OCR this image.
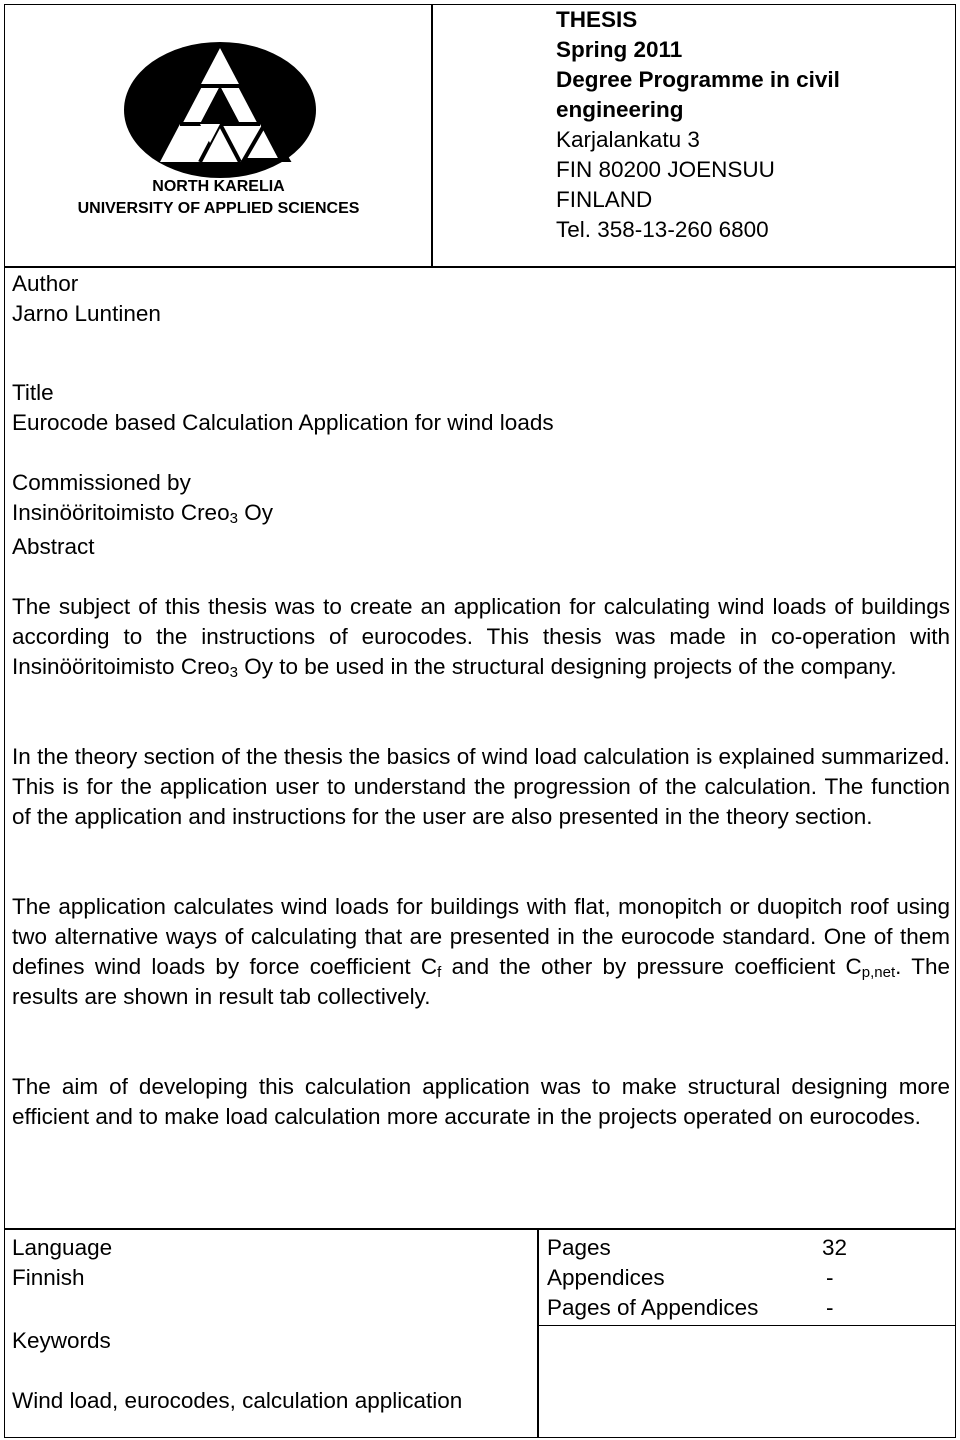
NORTH KARELIA
UNIVERSITY OF APPLIED SCIENCES
THESIS
Spring 2011
Degree Programme in civil
engineering
Karjalankatu 3
FIN 80200 JOENSUU
FINLAND
Tel. 358-13-260 6800
Author
Jarno Luntinen
Title
Eurocode based Calculation Application for wind loads
Commissioned by
Insinööritoimisto Creo$_3$ Oy
Abstract
The subject of this thesis was to create an application for calculating wind loads of buildings according to the instructions of eurocodes. This thesis was made in co-operation with Insinööritoimisto Creo$_3$ Oy to be used in the structural designing projects of the company.
In the theory section of the thesis the basics of wind load calculation is explained summarized. This is for the application user to understand the progression of the calculation. The function of the application and instructions for the user are also presented in the theory section.
The application calculates wind loads for buildings with flat, monopitch or duopitch roof using two alternative ways of calculating that are presented in the eurocode standard. One of them defines wind loads by force coefficient $C_f$ and the other by pressure coefficient $C_{p,net}$. The results are shown in result tab collectively.
The aim of developing this calculation application was to make structural designing more efficient and to make load calculation more accurate in the projects operated on eurocodes.
Language
Finnish
Keywords
Wind load, eurocodes, calculation application
Pages	32
Appendices	-
Pages of Appendices	-
